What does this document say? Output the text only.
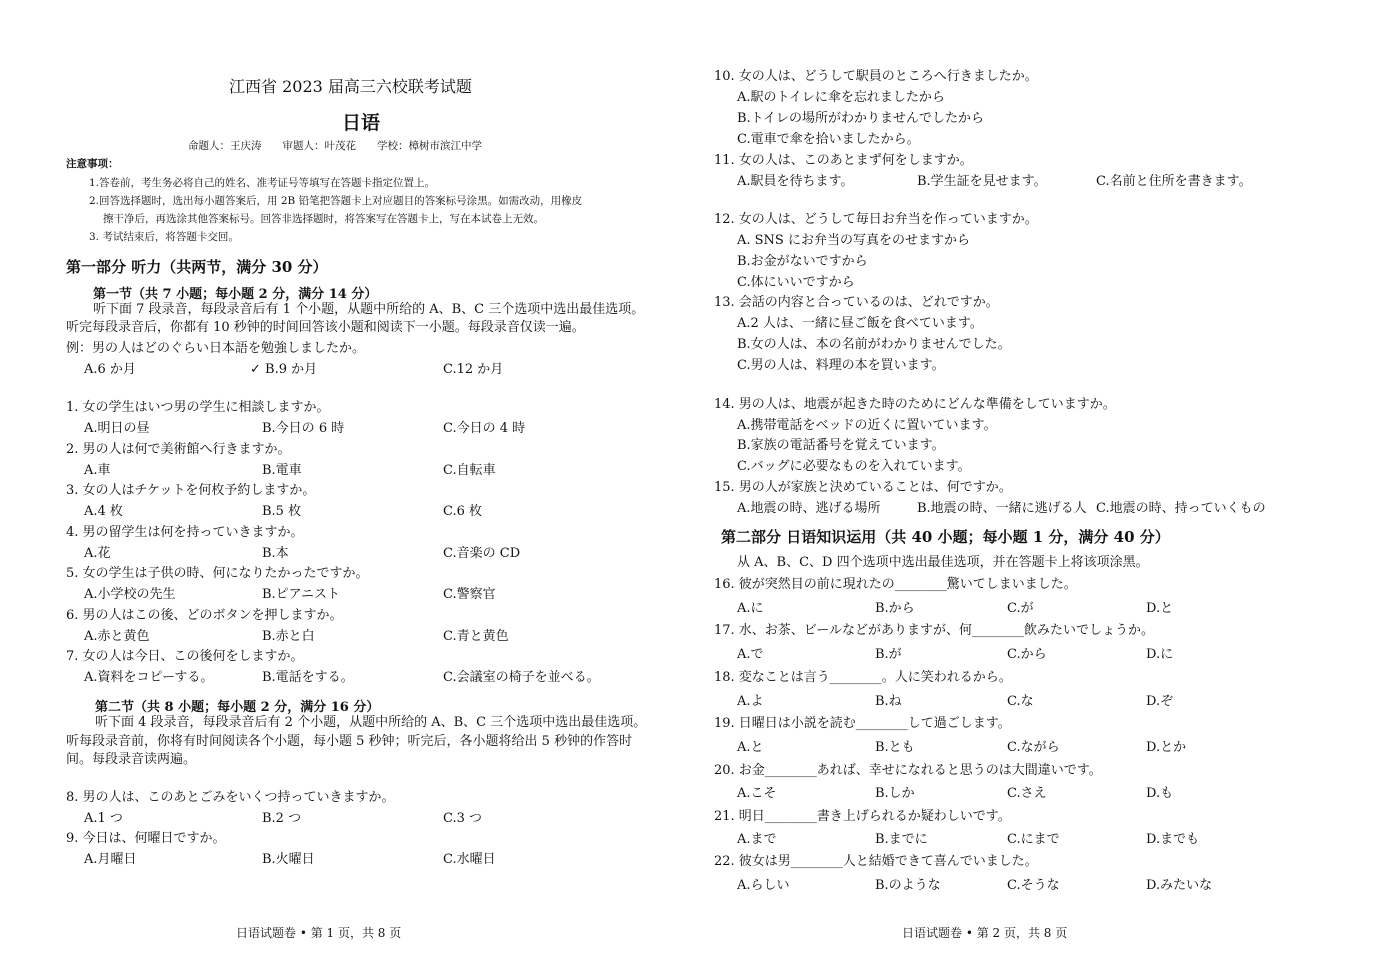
江西省 2023 届高三六校联考试题
日语
命题人：王庆涛　　审题人：叶茂花　　学校：樟树市滨江中学
注意事项：
1.答卷前，考生务必将自己的姓名、准考证号等填写在答题卡指定位置上。
2.回答选择题时，选出每小题答案后，用 2B 铅笔把答题卡上对应题目的答案标号涂黑。如需改动，用橡皮
擦干净后，再选涂其他答案标号。回答非选择题时，将答案写在答题卡上，写在本试卷上无效。
3. 考试结束后，将答题卡交回。
第一部分 听力（共两节，满分 30 分）
第一节（共 7 小题；每小题 2 分，满分 14 分）
听下面 7 段录音，每段录音后有 1 个小题，从题中所给的 A、B、C 三个选项中选出最佳选项。
听完每段录音后，你都有 10 秒钟的时间回答该小题和阅读下一小题。每段录音仅读一遍。
例：男の人はどのぐらい日本語を勉強しましたか。
A.6 か月	✓ B.9 か月	C.12 か月
1. 女の学生はいつ男の学生に相談しますか。
A.明日の昼	B.今日の 6 時	C.今日の 4 時
2. 男の人は何で美術館へ行きますか。
A.車	B.電車	C.自転車
3. 女の人はチケットを何枚予約しますか。
A.4 枚	B.5 枚	C.6 枚
4. 男の留学生は何を持っていきますか。
A.花	B.本	C.音楽の CD
5. 女の学生は子供の時、何になりたかったですか。
A.小学校の先生	B.ピアニスト	C.警察官
6. 男の人はこの後、どのボタンを押しますか。
A.赤と黄色	B.赤と白	C.青と黄色
7. 女の人は今日、この後何をしますか。
A.資料をコピーする。	B.電話をする。	C.会議室の椅子を並べる。
第二节（共 8 小题；每小题 2 分，满分 16 分）
听下面 4 段录音，每段录音后有 2 个小题，从题中所给的 A、B、C 三个选项中选出最佳选项。
听每段录音前，你将有时间阅读各个小题，每小题 5 秒钟；听完后，各小题将给出 5 秒钟的作答时
间。每段录音读两遍。
8. 男の人は、このあとごみをいくつ持っていきますか。
A.1 つ	B.2 つ	C.3 つ
9. 今日は、何曜日ですか。
A.月曜日	B.火曜日	C.水曜日
日语试题卷 • 第 1 页，共 8 页
10. 女の人は、どうして駅員のところへ行きましたか。
A.駅のトイレに傘を忘れましたから
B.トイレの場所がわかりませんでしたから
C.電車で傘を拾いましたから。
11. 女の人は、このあとまず何をしますか。
A.駅員を待ちます。	B.学生証を見せます。	C.名前と住所を書きます。
12. 女の人は、どうして毎日お弁当を作っていますか。
A. SNS にお弁当の写真をのせますから
B.お金がないですから
C.体にいいですから
13. 会話の内容と合っているのは、どれですか。
A.2 人は、一緒に昼ご飯を食べています。
B.女の人は、本の名前がわかりませんでした。
C.男の人は、料理の本を買います。
14. 男の人は、地震が起きた時のためにどんな準備をしていますか。
A.携帯電話をベッドの近くに置いています。
B.家族の電話番号を覚えています。
C.バッグに必要なものを入れています。
15. 男の人が家族と決めていることは、何ですか。
A.地震の時、逃げる場所	B.地震の時、一緒に逃げる人 C.地震の時、持っていくもの
第二部分 日语知识运用（共 40 小题；每小题 1 分，满分 40 分）
从 A、B、C、D 四个选项中选出最佳选项，并在答题卡上将该项涂黑。
16. 彼が突然目の前に現れたの________驚いてしまいました。
A.に	B.から	C.が	D.と
17. 水、お茶、ビールなどがありますが、何________飲みたいでしょうか。
A.で	B.が	C.から	D.に
18. 変なことは言う________。人に笑われるから。
A.よ	B.ね	C.な	D.ぞ
19. 日曜日は小説を読む________して過ごします。
A.と	B.とも	C.ながら	D.とか
20. お金________あれば、幸せになれると思うのは大間違いです。
A.こそ	B.しか	C.さえ	D.も
21. 明日________書き上げられるか疑わしいです。
A.まで	B.までに	C.にまで	D.までも
22. 彼女は男________人と結婚できて喜んでいました。
A.らしい	B.のような	C.そうな	D.みたいな
日语试题卷 • 第 2 页，共 8 页
